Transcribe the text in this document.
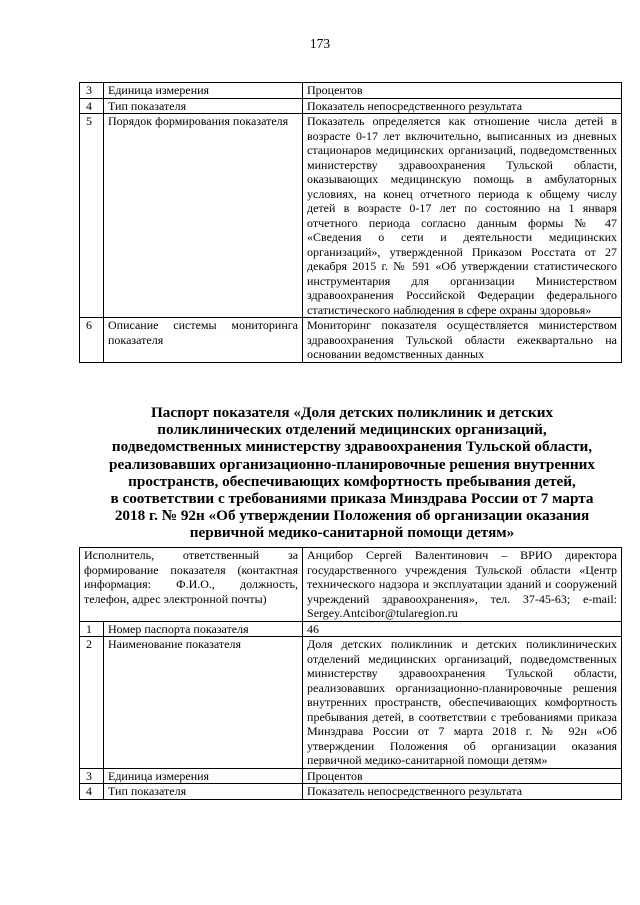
173
3	Единица измерения	Процентов
4	Тип показателя	Показатель непосредственного результата
5	Порядок формирования показателя	Показатель определяется как отношение числа детей в возрасте 0-17 лет включительно, выписанных из дневных стационаров медицинских организаций, подведомственных министерству здравоохранения Тульской области, оказывающих медицинскую помощь в амбулаторных условиях, на конец отчетного периода к общему числу детей в возрасте 0-17 лет по состоянию на 1 января отчетного периода согласно данным формы № 47 «Сведения о сети и деятельности медицинских организаций», утвержденной Приказом Росстата от 27 декабря 2015 г. № 591 «Об утверждении статистического инструментария для организации Министерством здравоохранения Российской Федерации федерального статистического наблюдения в сфере охраны здоровья»
6	Описание системы мониторинга показателя	Мониторинг показателя осуществляется министерством здравоохранения Тульской области ежеквартально на основании ведомственных данных
Паспорт показателя «Доля детских поликлиник и детских
поликлинических отделений медицинских организаций,
подведомственных министерству здравоохранения Тульской области,
реализовавших организационно-планировочные решения внутренних
пространств, обеспечивающих комфортность пребывания детей,
в соответствии с требованиями приказа Минздрава России от 7 марта
2018 г. № 92н «Об утверждении Положения об организации оказания
первичной медико-санитарной помощи детям»
Исполнитель, ответственный за формирование показателя (контактная информация: Ф.И.О., должность, телефон, адрес электронной почты)		Анцибор Сергей Валентинович – ВРИО директора государственного учреждения Тульской области «Центр технического надзора и эксплуатации зданий и сооружений учреждений здравоохранения», тел. 37-45-63; e-mail: Sergey.Antcibor@tularegion.ru
1	Номер паспорта показателя	46
2	Наименование показателя	Доля детских поликлиник и детских поликлинических отделений медицинских организаций, подведомственных министерству здравоохранения Тульской области, реализовавших организационно-планировочные решения внутренних пространств, обеспечивающих комфортность пребывания детей, в соответствии с требованиями приказа Минздрава России от 7 марта 2018 г. № 92н «Об утверждении Положения об организации оказания первичной медико-санитарной помощи детям»
3	Единица измерения	Процентов
4	Тип показателя	Показатель непосредственного результата
